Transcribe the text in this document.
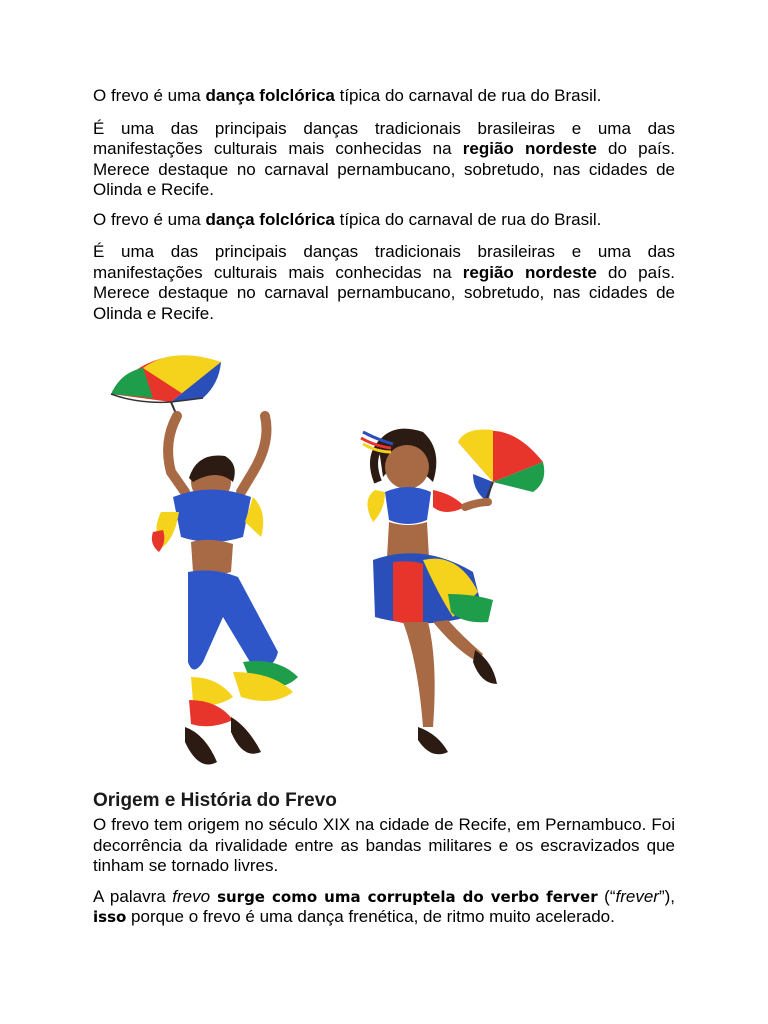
O frevo é uma dança folclórica típica do carnaval de rua do Brasil.

É uma das principais danças tradicionais brasileiras e uma das manifestações culturais mais conhecidas na região nordeste do país. Merece destaque no carnaval pernambucano, sobretudo, nas cidades de Olinda e Recife.

O frevo é uma dança folclórica típica do carnaval de rua do Brasil.

É uma das principais danças tradicionais brasileiras e uma das manifestações culturais mais conhecidas na região nordeste do país. Merece destaque no carnaval pernambucano, sobretudo, nas cidades de Olinda e Recife.

Origem e História do Frevo

O frevo tem origem no século XIX na cidade de Recife, em Pernambuco. Foi decorrência da rivalidade entre as bandas militares e os escravizados que tinham se tornado livres.

A palavra frevo surge como uma corruptela do verbo ferver (“frever”), isso porque o frevo é uma dança frenética, de ritmo muito acelerado.
